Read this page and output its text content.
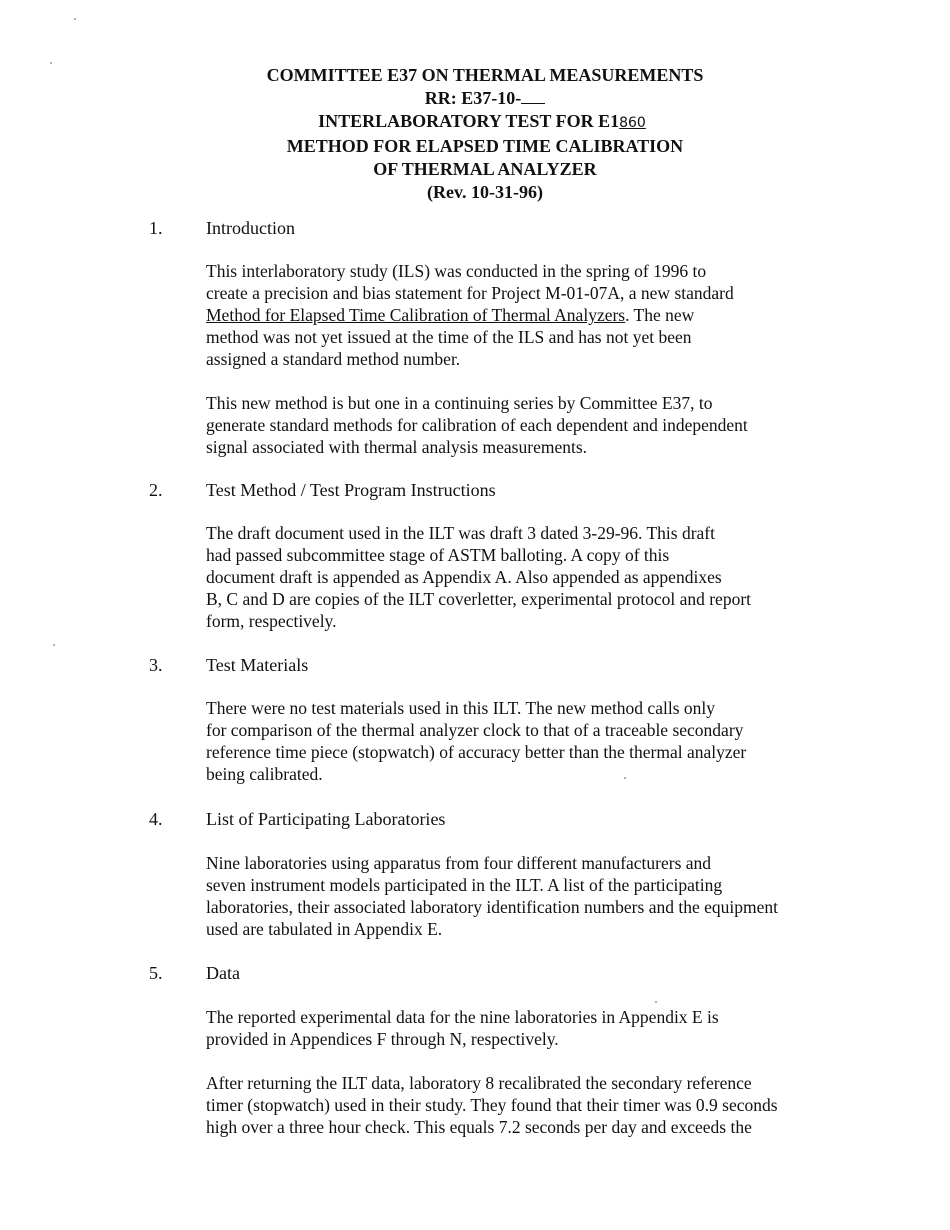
COMMITTEE E37 ON THERMAL MEASUREMENTS
RR: E37-10-
INTERLABORATORY TEST FOR E1860
METHOD FOR ELAPSED TIME CALIBRATION
OF THERMAL ANALYZER
(Rev. 10-31-96)
1. Introduction
This interlaboratory study (ILS) was conducted in the spring of 1996 to
create a precision and bias statement for Project M-01-07A, a new standard
Method for Elapsed Time Calibration of Thermal Analyzers. The new
method was not yet issued at the time of the ILS and has not yet been
assigned a standard method number.
This new method is but one in a continuing series by Committee E37, to
generate standard methods for calibration of each dependent and independent
signal associated with thermal analysis measurements.
2. Test Method / Test Program Instructions
The draft document used in the ILT was draft 3 dated 3-29-96. This draft
had passed subcommittee stage of ASTM balloting. A copy of this
document draft is appended as Appendix A. Also appended as appendixes
B, C and D are copies of the ILT coverletter, experimental protocol and report
form, respectively.
3. Test Materials
There were no test materials used in this ILT. The new method calls only
for comparison of the thermal analyzer clock to that of a traceable secondary
reference time piece (stopwatch) of accuracy better than the thermal analyzer
being calibrated.
4. List of Participating Laboratories
Nine laboratories using apparatus from four different manufacturers and
seven instrument models participated in the ILT. A list of the participating
laboratories, their associated laboratory identification numbers and the equipment
used are tabulated in Appendix E.
5. Data
The reported experimental data for the nine laboratories in Appendix E is
provided in Appendices F through N, respectively.
After returning the ILT data, laboratory 8 recalibrated the secondary reference
timer (stopwatch) used in their study. They found that their timer was 0.9 seconds
high over a three hour check. This equals 7.2 seconds per day and exceeds the
